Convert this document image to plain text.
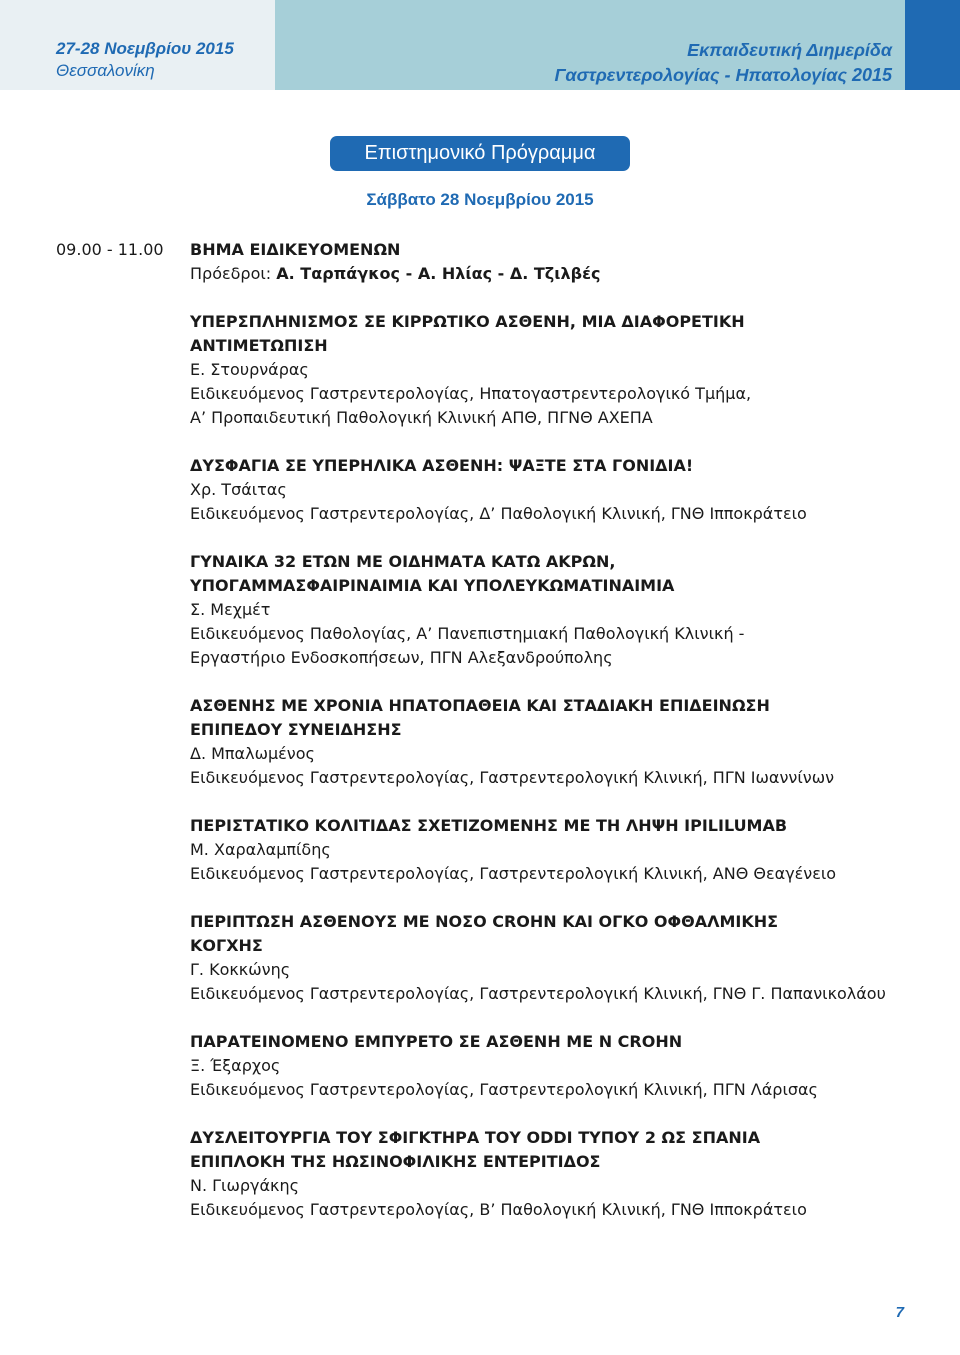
27-28 Νοεμβρίου 2015
Θεσσαλονίκη
Εκπαιδευτική Διημερίδα
Γαστρεντερολογίας - Ηπατολογίας 2015
Επιστημονικό Πρόγραμμα
Σάββατο 28 Νοεμβρίου 2015
09.00 - 11.00 ΒΗΜΑ ΕΙΔΙΚΕΥΟΜΕΝΩΝ
Πρόεδροι: Α. Ταρπάγκος - Α. Ηλίας - Δ. Τζιλβές
ΥΠΕΡΣΠΛΗΝΙΣΜΟΣ ΣΕ ΚΙΡΡΩΤΙΚΟ ΑΣΘΕΝΗ, ΜΙΑ ΔΙΑΦΟΡΕΤΙΚΗ
ΑΝΤΙΜΕΤΩΠΙΣΗ
Ε. Στουρνάρας
Ειδικευόμενος Γαστρεντερολογίας, Ηπατογαστρεντερολογικό Τμήμα,
Α’ Προπαιδευτική Παθολογική Κλινική ΑΠΘ, ΠΓΝΘ ΑΧΕΠΑ
ΔΥΣΦΑΓΙΑ ΣΕ ΥΠΕΡΗΛΙΚΑ ΑΣΘΕΝΗ: ΨΑΞΤΕ ΣΤΑ ΓΟΝΙΔΙΑ!
Χρ. Τσάιτας
Ειδικευόμενος Γαστρεντερολογίας, Δ’ Παθολογική Κλινική, ΓΝΘ Ιπποκράτειο
ΓΥΝΑΙΚΑ 32 ΕΤΩΝ ΜΕ ΟΙΔΗΜΑΤΑ ΚΑΤΩ ΑΚΡΩΝ,
ΥΠΟΓΑΜΜΑΣΦΑΙΡΙΝΑΙΜΙΑ ΚΑΙ ΥΠΟΛΕΥΚΩΜΑΤΙΝΑΙΜΙΑ
Σ. Μεχμέτ
Ειδικευόμενος Παθολογίας, Α’ Πανεπιστημιακή Παθολογική Κλινική -
Εργαστήριο Ενδοσκοπήσεων, ΠΓΝ Αλεξανδρούπολης
ΑΣΘΕΝΗΣ ΜΕ ΧΡΟΝΙΑ ΗΠΑΤΟΠΑΘΕΙΑ ΚΑΙ ΣΤΑΔΙΑΚΗ ΕΠΙΔΕΙΝΩΣΗ
ΕΠΙΠΕΔΟΥ ΣΥΝΕΙΔΗΣΗΣ
Δ. Μπαλωμένος
Ειδικευόμενος Γαστρεντερολογίας, Γαστρεντερολογική Κλινική, ΠΓΝ Ιωαννίνων
ΠΕΡΙΣΤΑΤΙΚΟ ΚΟΛΙΤΙΔΑΣ ΣΧΕΤΙΖΟΜΕΝΗΣ ΜΕ ΤΗ ΛΗΨΗ IPILILUMAB
Μ. Χαραλαμπίδης
Ειδικευόμενος Γαστρεντερολογίας, Γαστρεντερολογική Κλινική, ΑΝΘ Θεαγένειο
ΠΕΡΙΠΤΩΣΗ ΑΣΘΕΝΟΥΣ ΜΕ ΝΟΣΟ CROHN ΚΑΙ ΟΓΚΟ ΟΦΘΑΛΜΙΚΗΣ
ΚΟΓΧΗΣ
Γ. Κοκκώνης
Ειδικευόμενος Γαστρεντερολογίας, Γαστρεντερολογική Κλινική, ΓΝΘ Γ. Παπανικολάου
ΠΑΡΑΤΕΙΝΟΜΕΝΟ ΕΜΠΥΡΕΤΟ ΣΕ ΑΣΘΕΝΗ ΜΕ Ν CROHN
Ξ. Έξαρχος
Ειδικευόμενος Γαστρεντερολογίας, Γαστρεντερολογική Κλινική, ΠΓΝ Λάρισας
ΔΥΣΛΕΙΤΟΥΡΓΙΑ ΤΟΥ ΣΦΙΓΚΤΗΡΑ ΤΟΥ ODDI ΤΥΠΟΥ 2 ΩΣ ΣΠΑΝΙΑ
ΕΠΙΠΛΟΚΗ ΤΗΣ ΗΩΣΙΝΟΦΙΛΙΚΗΣ ΕΝΤΕΡΙΤΙΔΟΣ
Ν. Γιωργάκης
Ειδικευόμενος Γαστρεντερολογίας, Β’ Παθολογική Κλινική, ΓΝΘ Ιπποκράτειο
7
